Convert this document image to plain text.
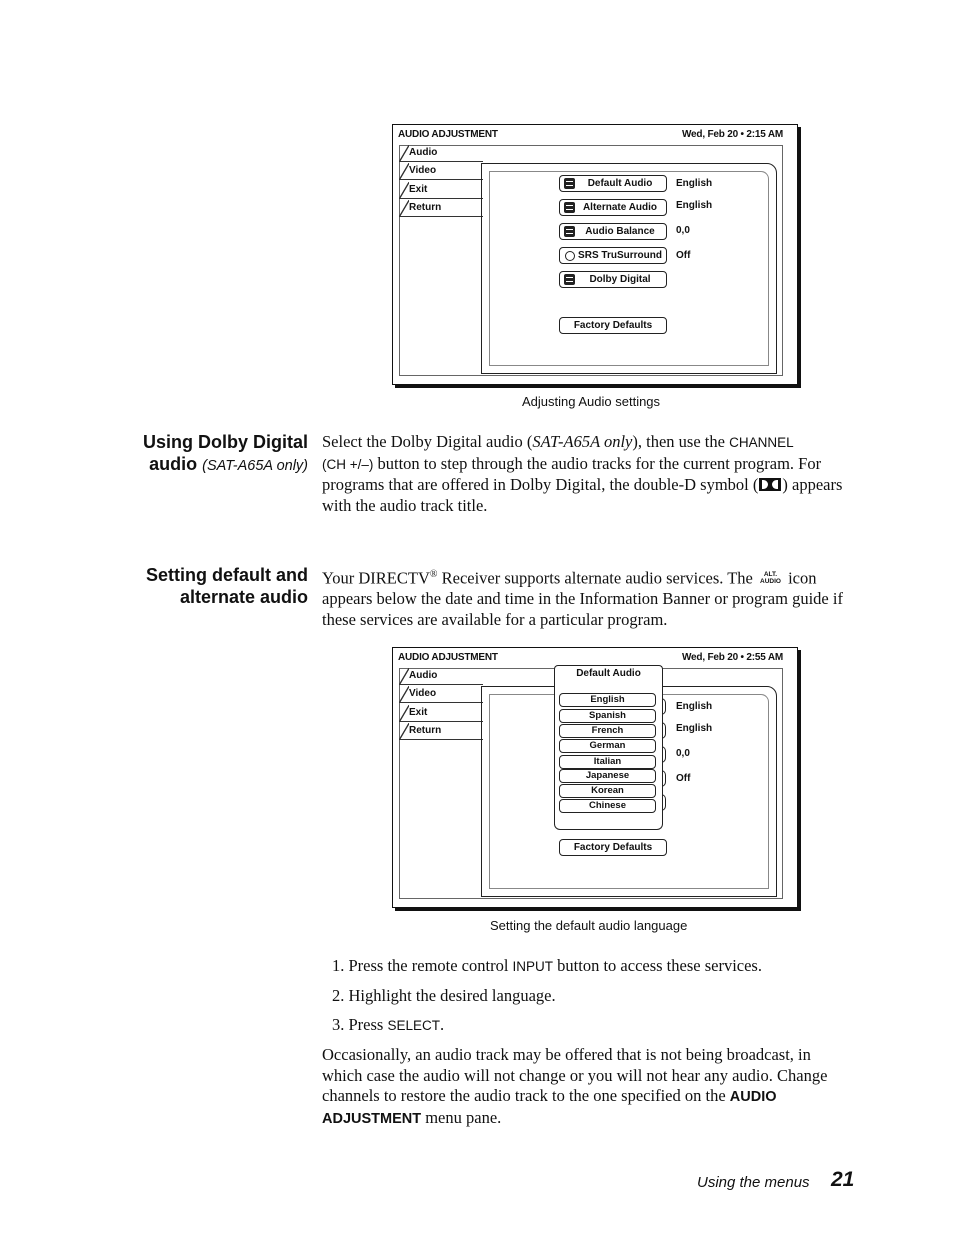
AUDIO ADJUSTMENT	Wed, Feb 20 • 2:15 AM
Audio
Video
Exit
Return
Default Audio	English
Alternate Audio	English
Audio Balance	0,0
SRS TruSurround	Off
Dolby Digital
Factory Defaults
Adjusting Audio settings
Using Dolby Digital
audio (SAT-A65A only)
Select the Dolby Digital audio (SAT-A65A only), then use the CHANNEL
(CH +/–) button to step through the audio tracks for the current program. For
programs that are offered in Dolby Digital, the double-D symbol ( ) appears
with the audio track title.
Setting default and
alternate audio
Your DIRECTV® Receiver supports alternate audio services. The ALT.
AUDIO icon
appears below the date and time in the Information Banner or program guide if
these services are available for a particular program.
AUDIO ADJUSTMENT	Wed, Feb 20 • 2:55 AM
Audio
Video
Exit
Return
English
English
0,0
Off
Default Audio
English
Spanish
French
German
Italian
Japanese
Korean
Chinese
Factory Defaults
Setting the default audio language
1. Press the remote control INPUT button to access these services.
2. Highlight the desired language.
3. Press SELECT.
Occasionally, an audio track may be offered that is not being broadcast, in
which case the audio will not change or you will not hear any audio. Change
channels to restore the audio track to the one specified on the AUDIO
ADJUSTMENT menu pane.
Using the menus 21
